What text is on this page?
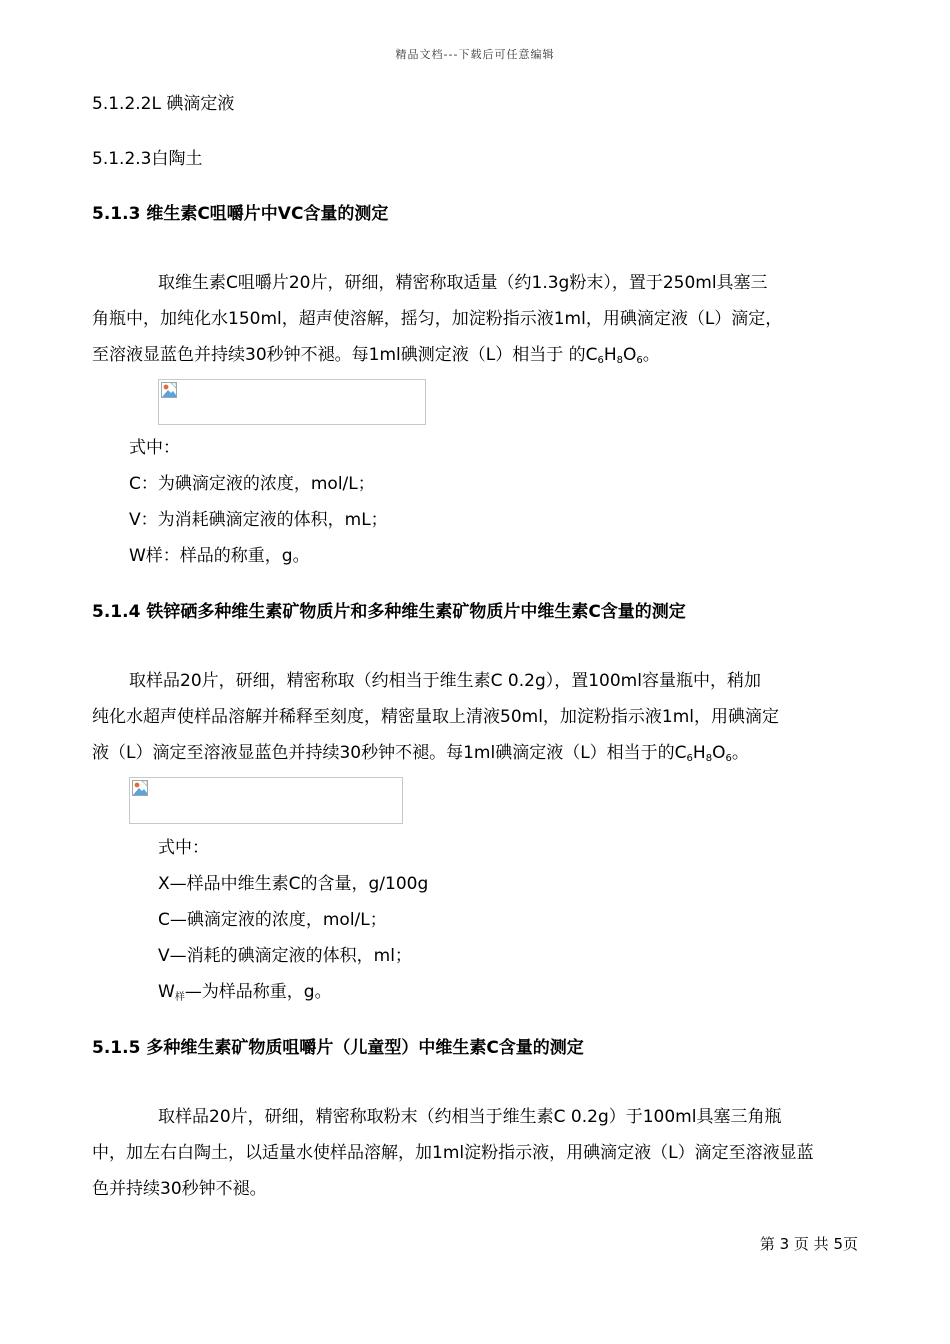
精品文档---下载后可任意编辑
5.1.2.2L 碘滴定液
5.1.2.3白陶土
5.1.3 维生素C咀嚼片中VC含量的测定

取维生素C咀嚼片20片，研细，精密称取适量（约1.3g粉末），置于250ml具塞三

角瓶中，加纯化水150ml，超声使溶解，摇匀，加淀粉指示液1ml，用碘滴定液（L）滴定，

至溶液显蓝色并持续30秒钟不褪。每1ml碘测定液（L）相当于 的$C_6H_8O_6$。

式中：
C：为碘滴定液的浓度，mol/L；
V：为消耗碘滴定液的体积，mL；
W样：样品的称重，g。
5.1.4 铁锌硒多种维生素矿物质片和多种维生素矿物质片中维生素C含量的测定

取样品20片，研细，精密称取（约相当于维生素C 0.2g），置100ml容量瓶中，稍加

纯化水超声使样品溶解并稀释至刻度，精密量取上清液50ml，加淀粉指示液1ml，用碘滴定

液（L）滴定至溶液显蓝色并持续30秒钟不褪。每1ml碘滴定液（L）相当于的$C_6H_8O_6$。

式中：
X—样品中维生素C的含量，g/100g
C—碘滴定液的浓度，mol/L；
V—消耗的碘滴定液的体积，ml；
$W_样—$为样品称重，g。
5.1.5 多种维生素矿物质咀嚼片（儿童型）中维生素C含量的测定

取样品20片，研细，精密称取粉末（约相当于维生素C 0.2g）于100ml具塞三角瓶

中，加左右白陶土，以适量水使样品溶解，加1ml淀粉指示液，用碘滴定液（L）滴定至溶液显蓝

色并持续30秒钟不褪。

第 3 页 共 5页
